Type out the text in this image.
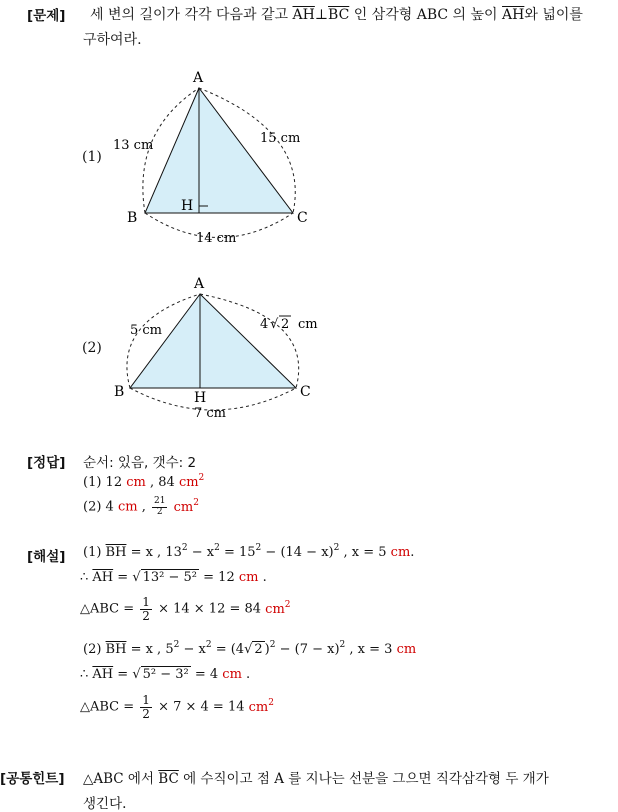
[문제] 세 변의 길이가 각각 다음과 같고 $\overline{AH}\perp\overline{BC}$ 인 삼각형 ABC 의 높이 $\overline{AH}$와 넓이를
구하여라.
(1)
A
B	C
H
13 cm	15 cm
14 cm
(2)
A
B	C
H
5 cm	4 √ 2 cm
7 cm
[정답] 순서: 있음, 갯수: 2
(1) 12 cm , 84 $cm^2$
(2) 4 cm , $\frac{21}{2} cm^2$
[해설] (1) $\overline{BH} = x$ , $13^2 - x^2 = 15^2 - (14 - x)^2$ , x = 5 cm.
∴ $\overline{AH}$ = √ 13² − 5² = 12 cm .
△ABC = $\frac{1}{2} \times 14 \times 12 = 84$ $cm^2$
(2) $\overline{BH} = x$ , $5^2 - x^2 = (4√$ 2 )$^2 - (7 - x)^2$ , x = 3 cm
∴ $\overline{AH}$ = √ 5² − 3² = 4 cm .
△ABC = $\frac{1}{2} \times 7 \times 4 = 14$ $cm^2$
[공통힌트] △ABC 에서 $\overline{BC}$ 에 수직이고 점 A 를 지나는 선분을 그으면 직각삼각형 두 개가
생긴다.
